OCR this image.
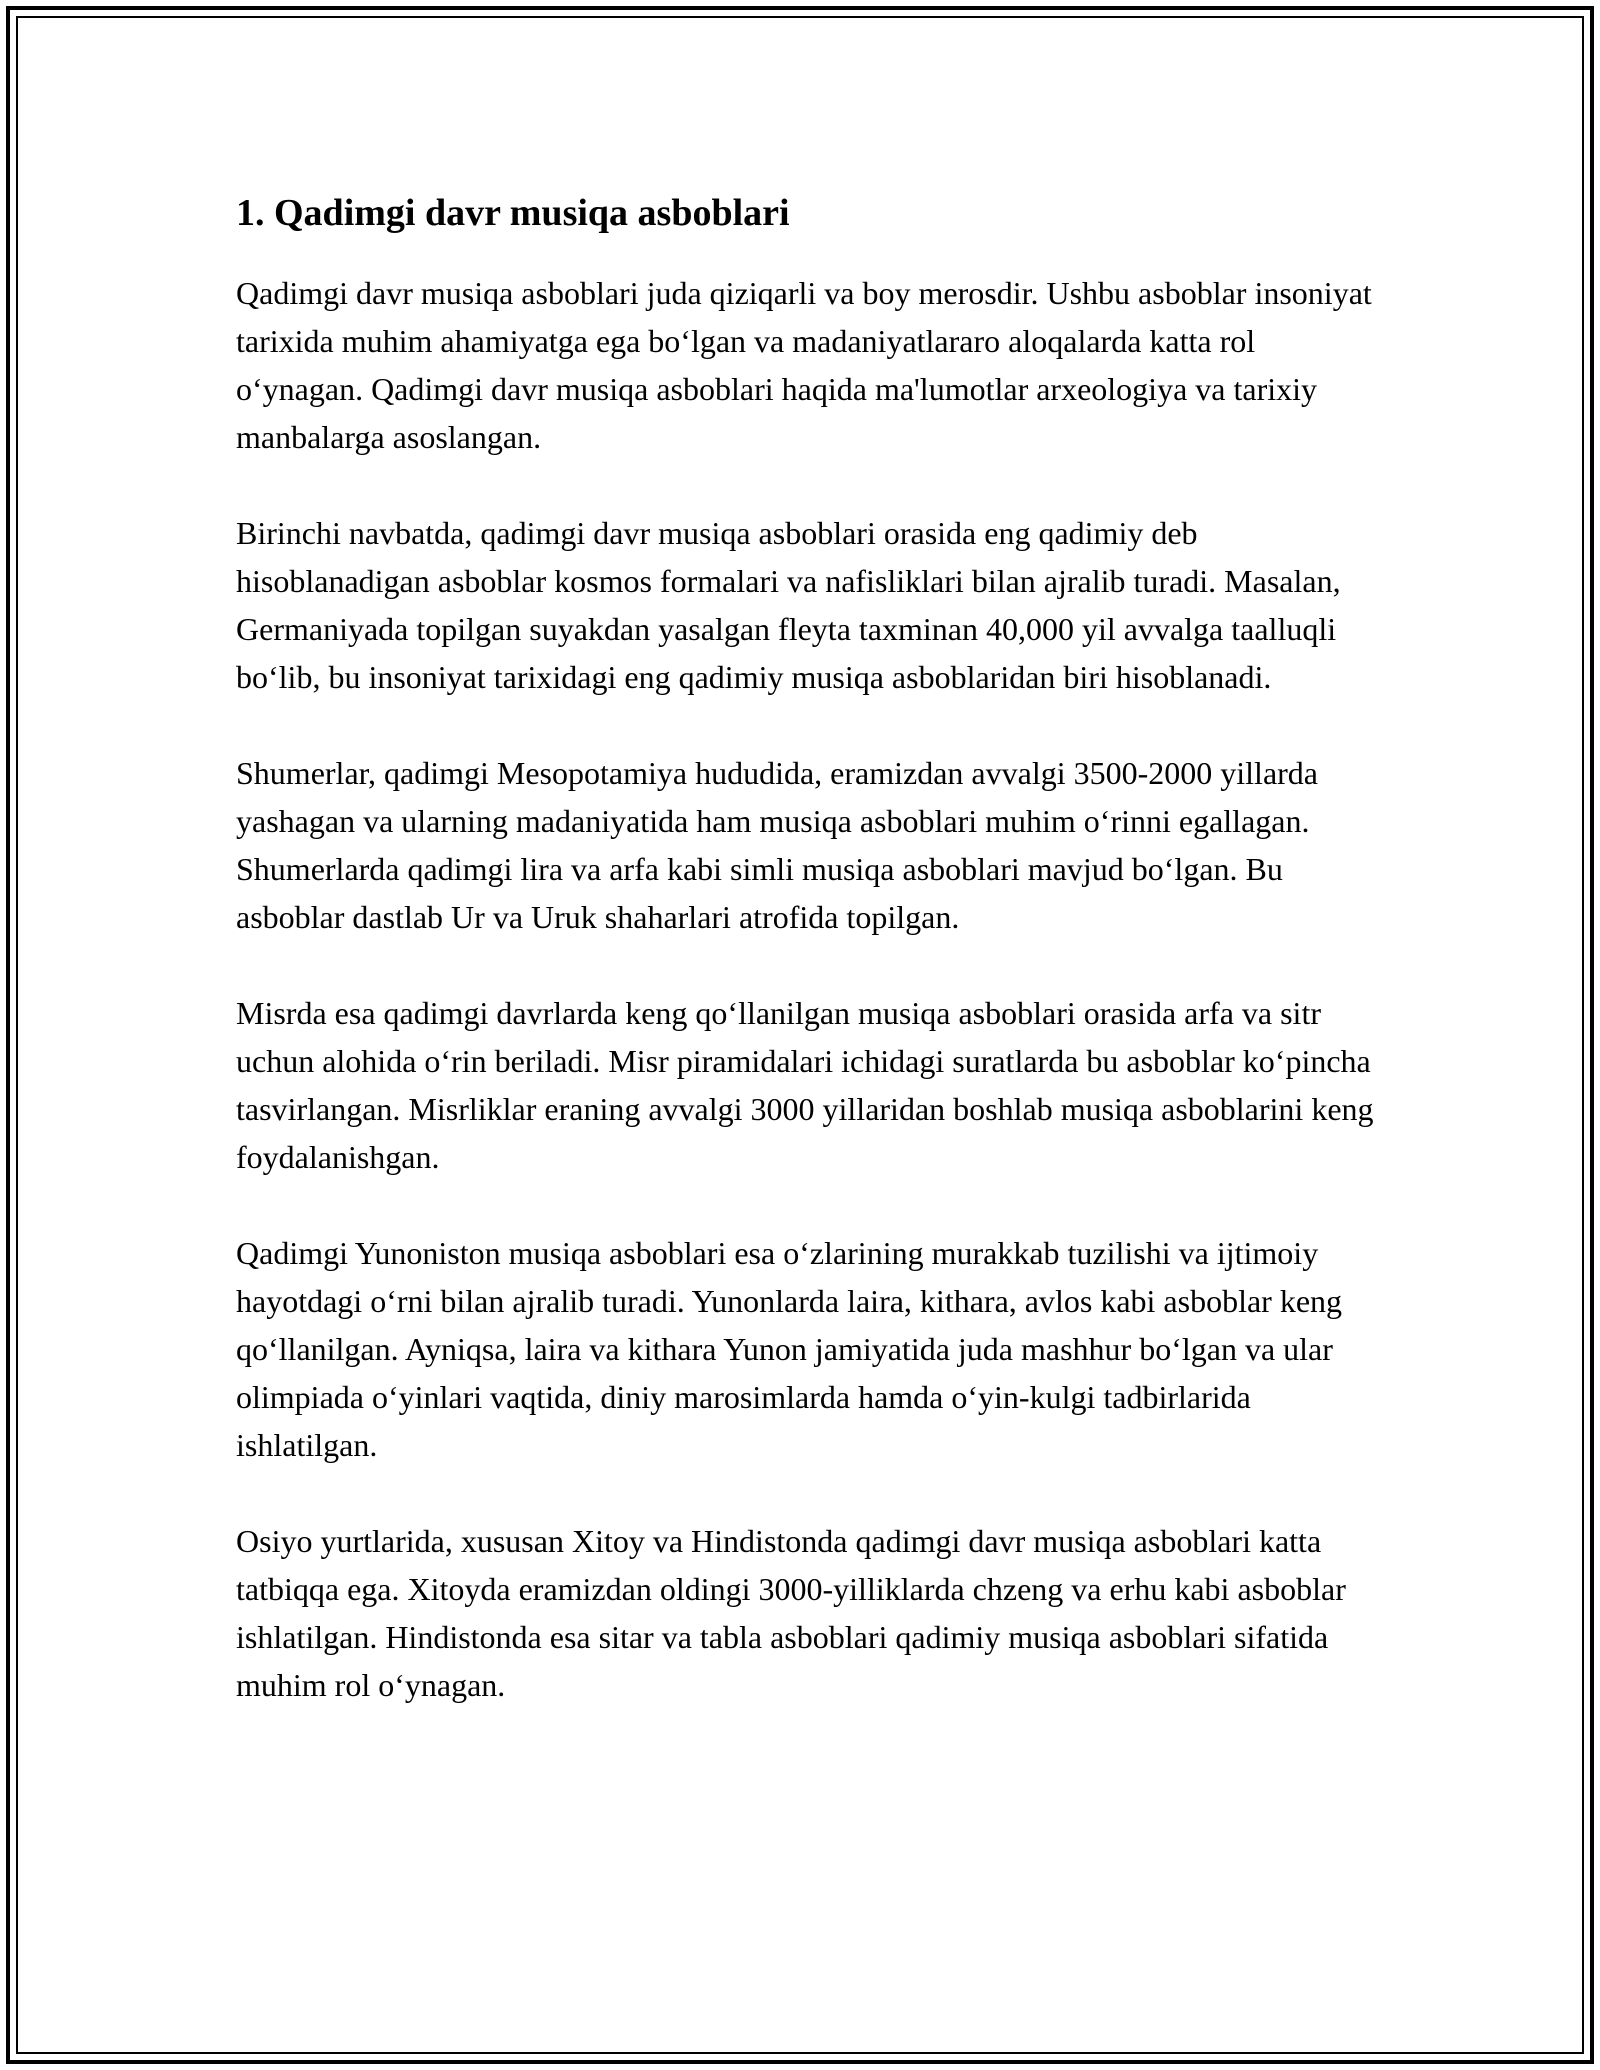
1. Qadimgi davr musiqa asboblari

Qadimgi davr musiqa asboblari juda qiziqarli va boy merosdir. Ushbu asboblar insoniyat tarixida muhim ahamiyatga ega bo‘lgan va madaniyatlararo aloqalarda katta rol o‘ynagan. Qadimgi davr musiqa asboblari haqida ma'lumotlar arxeologiya va tarixiy manbalarga asoslangan.

Birinchi navbatda, qadimgi davr musiqa asboblari orasida eng qadimiy deb hisoblanadigan asboblar kosmos formalari va nafisliklari bilan ajralib turadi. Masalan, Germaniyada topilgan suyakdan yasalgan fleyta taxminan 40,000 yil avvalga taalluqli bo‘lib, bu insoniyat tarixidagi eng qadimiy musiqa asboblaridan biri hisoblanadi.

Shumerlar, qadimgi Mesopotamiya hududida, eramizdan avvalgi 3500-2000 yillarda yashagan va ularning madaniyatida ham musiqa asboblari muhim o‘rinni egallagan. Shumerlarda qadimgi lira va arfa kabi simli musiqa asboblari mavjud bo‘lgan. Bu asboblar dastlab Ur va Uruk shaharlari atrofida topilgan.

Misrda esa qadimgi davrlarda keng qo‘llanilgan musiqa asboblari orasida arfa va sitr uchun alohida o‘rin beriladi. Misr piramidalari ichidagi suratlarda bu asboblar ko‘pincha tasvirlangan. Misrliklar eraning avvalgi 3000 yillaridan boshlab musiqa asboblarini keng foydalanishgan.

Qadimgi Yunoniston musiqa asboblari esa o‘zlarining murakkab tuzilishi va ijtimoiy hayotdagi o‘rni bilan ajralib turadi. Yunonlarda laira, kithara, avlos kabi asboblar keng qo‘llanilgan. Ayniqsa, laira va kithara Yunon jamiyatida juda mashhur bo‘lgan va ular olimpiada o‘yinlari vaqtida, diniy marosimlarda hamda o‘yin-kulgi tadbirlarida ishlatilgan.

Osiyo yurtlarida, xususan Xitoy va Hindistonda qadimgi davr musiqa asboblari katta tatbiqqa ega. Xitoyda eramizdan oldingi 3000-yilliklarda chzeng va erhu kabi asboblar ishlatilgan. Hindistonda esa sitar va tabla asboblari qadimiy musiqa asboblari sifatida muhim rol o‘ynagan.
